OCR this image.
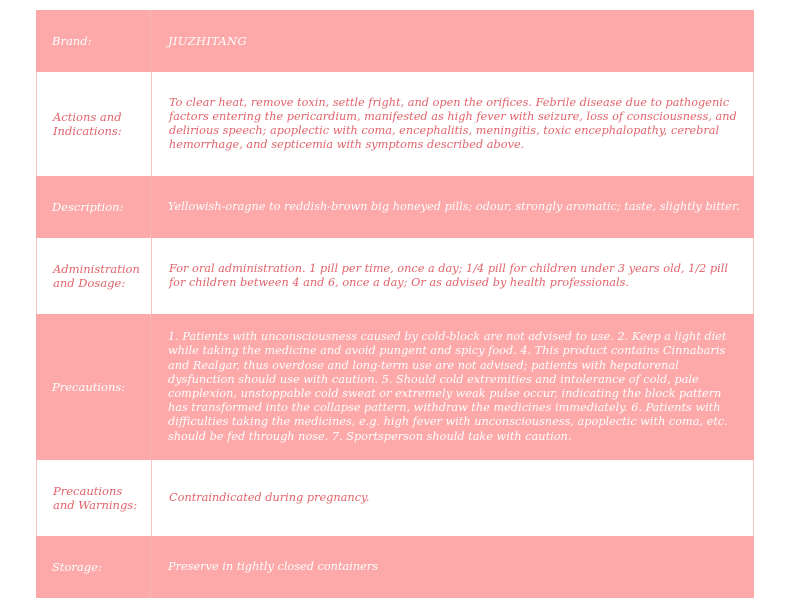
Brand:	JIUZHITANG
Actions and Indications:
To clear heat, remove toxin, settle fright, and open the orifices. Febrile disease due to pathogenic factors entering the pericardium, manifested as high fever with seizure, loss of consciousness, and delirious speech; apoplectic with coma, encephalitis, meningitis, toxic encephalopathy, cerebral hemorrhage, and septicemia with symptoms described above.
Description:	Yellowish-oragne to reddish-brown big honeyed pills; odour, strongly aromatic; taste, slightly bitter.
Administration and Dosage:
For oral administration. 1 pill per time, once a day; 1/4 pill for children under 3 years old, 1/2 pill for children between 4 and 6, once a day; Or as advised by health professionals.
Precautions:
1. Patients with unconsciousness caused by cold-block are not advised to use. 2. Keep a light diet while taking the medicine and avoid pungent and spicy food. 4. This product contains Cinnabaris and Realgar, thus overdose and long-term use are not advised; patients with hepatorenal dysfunction should use with caution. 5. Should cold extremities and intolerance of cold, pale complexion, unstoppable cold sweat or extremely weak pulse occur, indicating the block pattern has transformed into the collapse pattern, withdraw the medicines immediately. 6. Patients with difficulties taking the medicines, e.g. high fever with unconsciousness, apoplectic with coma, etc. should be fed through nose. 7. Sportsperson should take with caution.
Precautions and Warnings:
Contraindicated during pregnancy.
Storage:	Preserve in tightly closed containers
